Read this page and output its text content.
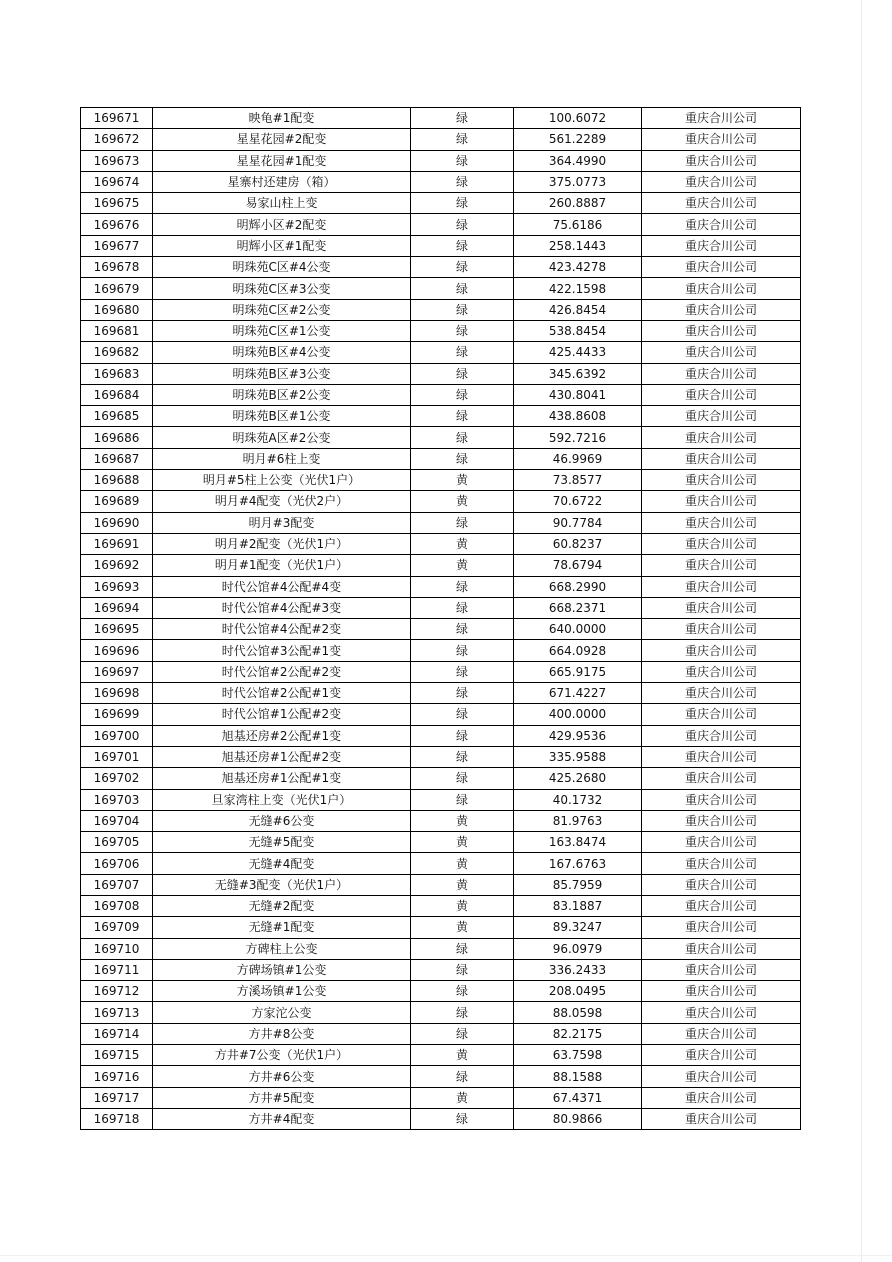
169671	映龟#1配变	绿	100.6072	重庆合川公司
169672	星星花园#2配变	绿	561.2289	重庆合川公司
169673	星星花园#1配变	绿	364.4990	重庆合川公司
169674	星寨村还建房（箱）	绿	375.0773	重庆合川公司
169675	易家山柱上变	绿	260.8887	重庆合川公司
169676	明辉小区#2配变	绿	75.6186	重庆合川公司
169677	明辉小区#1配变	绿	258.1443	重庆合川公司
169678	明珠苑C区#4公变	绿	423.4278	重庆合川公司
169679	明珠苑C区#3公变	绿	422.1598	重庆合川公司
169680	明珠苑C区#2公变	绿	426.8454	重庆合川公司
169681	明珠苑C区#1公变	绿	538.8454	重庆合川公司
169682	明珠苑B区#4公变	绿	425.4433	重庆合川公司
169683	明珠苑B区#3公变	绿	345.6392	重庆合川公司
169684	明珠苑B区#2公变	绿	430.8041	重庆合川公司
169685	明珠苑B区#1公变	绿	438.8608	重庆合川公司
169686	明珠苑A区#2公变	绿	592.7216	重庆合川公司
169687	明月#6柱上变	绿	46.9969	重庆合川公司
169688	明月#5柱上公变（光伏1户）	黄	73.8577	重庆合川公司
169689	明月#4配变（光伏2户）	黄	70.6722	重庆合川公司
169690	明月#3配变	绿	90.7784	重庆合川公司
169691	明月#2配变（光伏1户）	黄	60.8237	重庆合川公司
169692	明月#1配变（光伏1户）	黄	78.6794	重庆合川公司
169693	时代公馆#4公配#4变	绿	668.2990	重庆合川公司
169694	时代公馆#4公配#3变	绿	668.2371	重庆合川公司
169695	时代公馆#4公配#2变	绿	640.0000	重庆合川公司
169696	时代公馆#3公配#1变	绿	664.0928	重庆合川公司
169697	时代公馆#2公配#2变	绿	665.9175	重庆合川公司
169698	时代公馆#2公配#1变	绿	671.4227	重庆合川公司
169699	时代公馆#1公配#2变	绿	400.0000	重庆合川公司
169700	旭基还房#2公配#1变	绿	429.9536	重庆合川公司
169701	旭基还房#1公配#2变	绿	335.9588	重庆合川公司
169702	旭基还房#1公配#1变	绿	425.2680	重庆合川公司
169703	旦家湾柱上变（光伏1户）	绿	40.1732	重庆合川公司
169704	无缝#6公变	黄	81.9763	重庆合川公司
169705	无缝#5配变	黄	163.8474	重庆合川公司
169706	无缝#4配变	黄	167.6763	重庆合川公司
169707	无缝#3配变（光伏1户）	黄	85.7959	重庆合川公司
169708	无缝#2配变	黄	83.1887	重庆合川公司
169709	无缝#1配变	黄	89.3247	重庆合川公司
169710	方碑柱上公变	绿	96.0979	重庆合川公司
169711	方碑场镇#1公变	绿	336.2433	重庆合川公司
169712	方溪场镇#1公变	绿	208.0495	重庆合川公司
169713	方家沱公变	绿	88.0598	重庆合川公司
169714	方井#8公变	绿	82.2175	重庆合川公司
169715	方井#7公变（光伏1户）	黄	63.7598	重庆合川公司
169716	方井#6公变	绿	88.1588	重庆合川公司
169717	方井#5配变	黄	67.4371	重庆合川公司
169718	方井#4配变	绿	80.9866	重庆合川公司
